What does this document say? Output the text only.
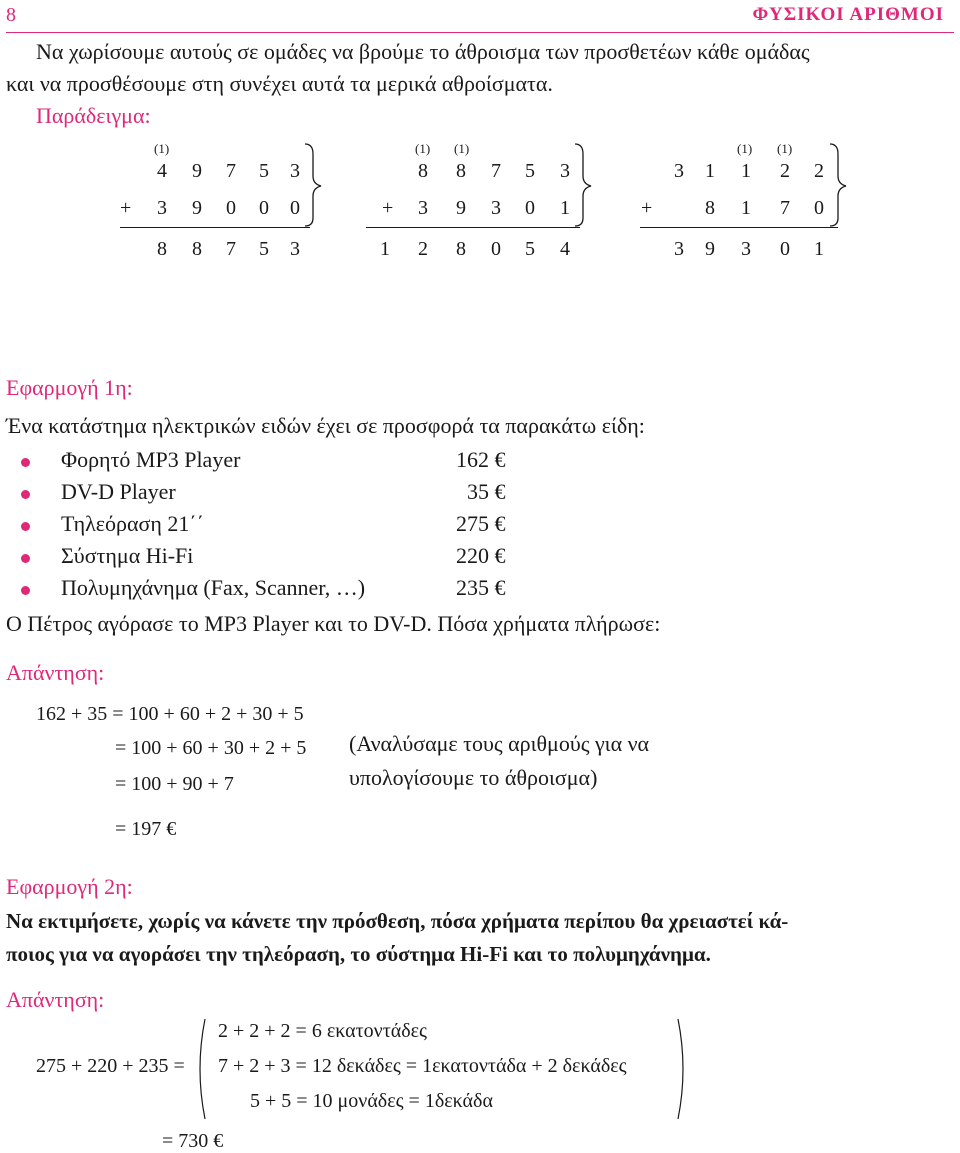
8	ΦΥΣΙΚΟΙ ΑΡΙΘΜΟΙ
Να χωρίσουμε αυτούς σε ομάδες να βρούμε το άθροισμα των προσθετέων κάθε ομάδας
και να προσθέσουμε στη συνέχει αυτά τα μερικά αθροίσματα.
Παράδειγμα:
(1)
4 9 7 5 3
+ 3 9 0 0 0
8 8 7 5 3
(1) (1)
8 8 7 5 3
+ 3 9 3 0 1
1 2 8 0 5 4
(1) (1)
3 1 1 2 2
+	8 1 7 0
3 9 3 0 1
Εφαρμογή 1η:
Ένα κατάστημα ηλεκτρικών ειδών έχει σε προσφορά τα παρακάτω είδη:
Φορητό MP3 Player	162 €
DV-D Player	35 €
Τηλεόραση 21΄΄	275 €
Σύστημα Hi-Fi	220 €
Πολυμηχάνημα (Fax, Scanner, …)	235 €
Ο Πέτρος αγόρασε το MP3 Player και το DV-D. Πόσα χρήματα πλήρωσε:
Απάντηση:
162 + 35 = 100 + 60 + 2 + 30 + 5
= 100 + 60 + 30 + 2 + 5
= 100 + 90 + 7
= 197 €
(Αναλύσαμε τους αριθμούς για να
υπολογίσουμε το άθροισμα)
Εφαρμογή 2η:
Να εκτιμήσετε, χωρίς να κάνετε την πρόσθεση, πόσα χρήματα περίπου θα χρειαστεί κά-
ποιος για να αγοράσει την τηλεόραση, το σύστημα Hi-Fi και το πολυμηχάνημα.
Απάντηση:
275 + 220 + 235 =
2 + 2 + 2 = 6 εκατοντάδες
7 + 2 + 3 = 12 δεκάδες = 1εκατοντάδα + 2 δεκάδες
5 + 5 = 10 μονάδες = 1δεκάδα
= 730 €
